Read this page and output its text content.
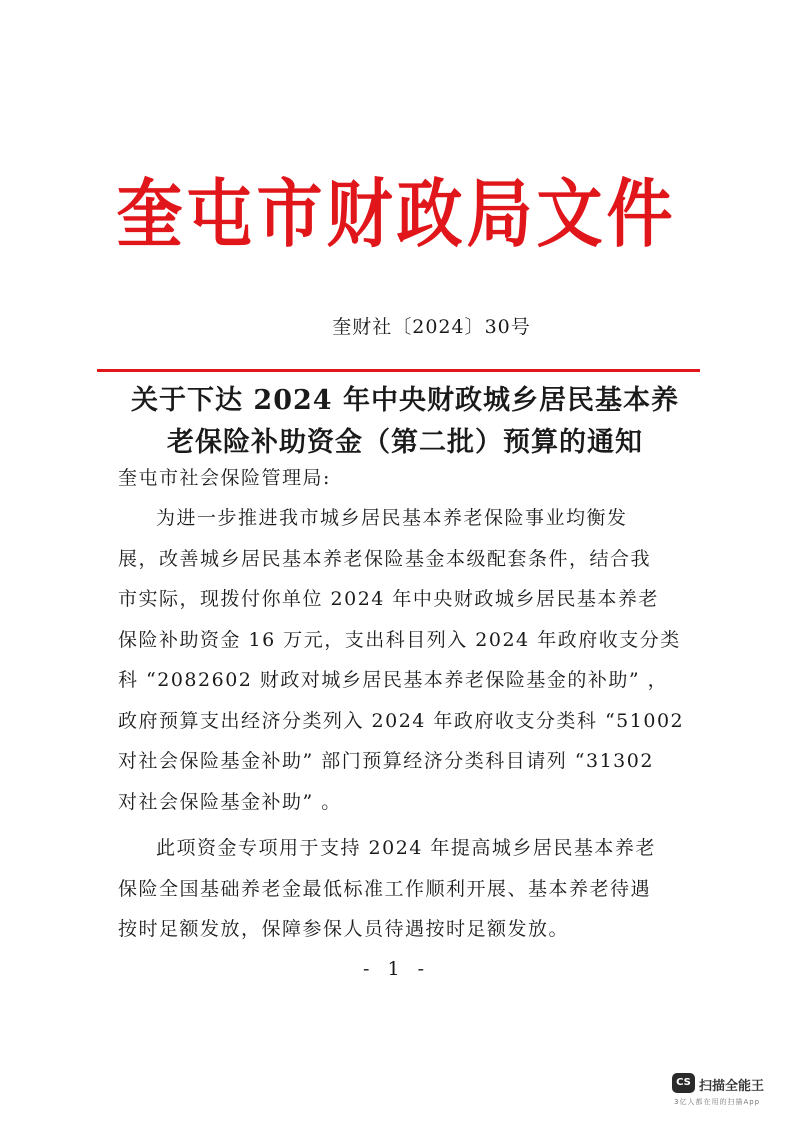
奎屯市财政局文件
奎财社〔2024〕30号
关于下达 2024 年中央财政城乡居民基本养
老保险补助资金（第二批）预算的通知
奎屯市社会保险管理局:

为进一步推进我市城乡居民基本养老保险事业均衡发
展，改善城乡居民基本养老保险基金本级配套条件，结合我
市实际，现拨付你单位 2024 年中央财政城乡居民基本养老
保险补助资金 16 万元，支出科目列入 2024 年政府收支分类
科 “2082602 财政对城乡居民基本养老保险基金的补助” ，
政府预算支出经济分类列入 2024 年政府收支分类科 “51002
对社会保险基金补助” 部门预算经济分类科目请列 “31302
对社会保险基金补助” 。

此项资金专项用于支持 2024 年提高城乡居民基本养老
保险全国基础养老金最低标准工作顺利开展、基本养老待遇
按时足额发放，保障参保人员待遇按时足额发放。

- 1 -
CS 扫描全能王
3亿人都在用的扫描App
